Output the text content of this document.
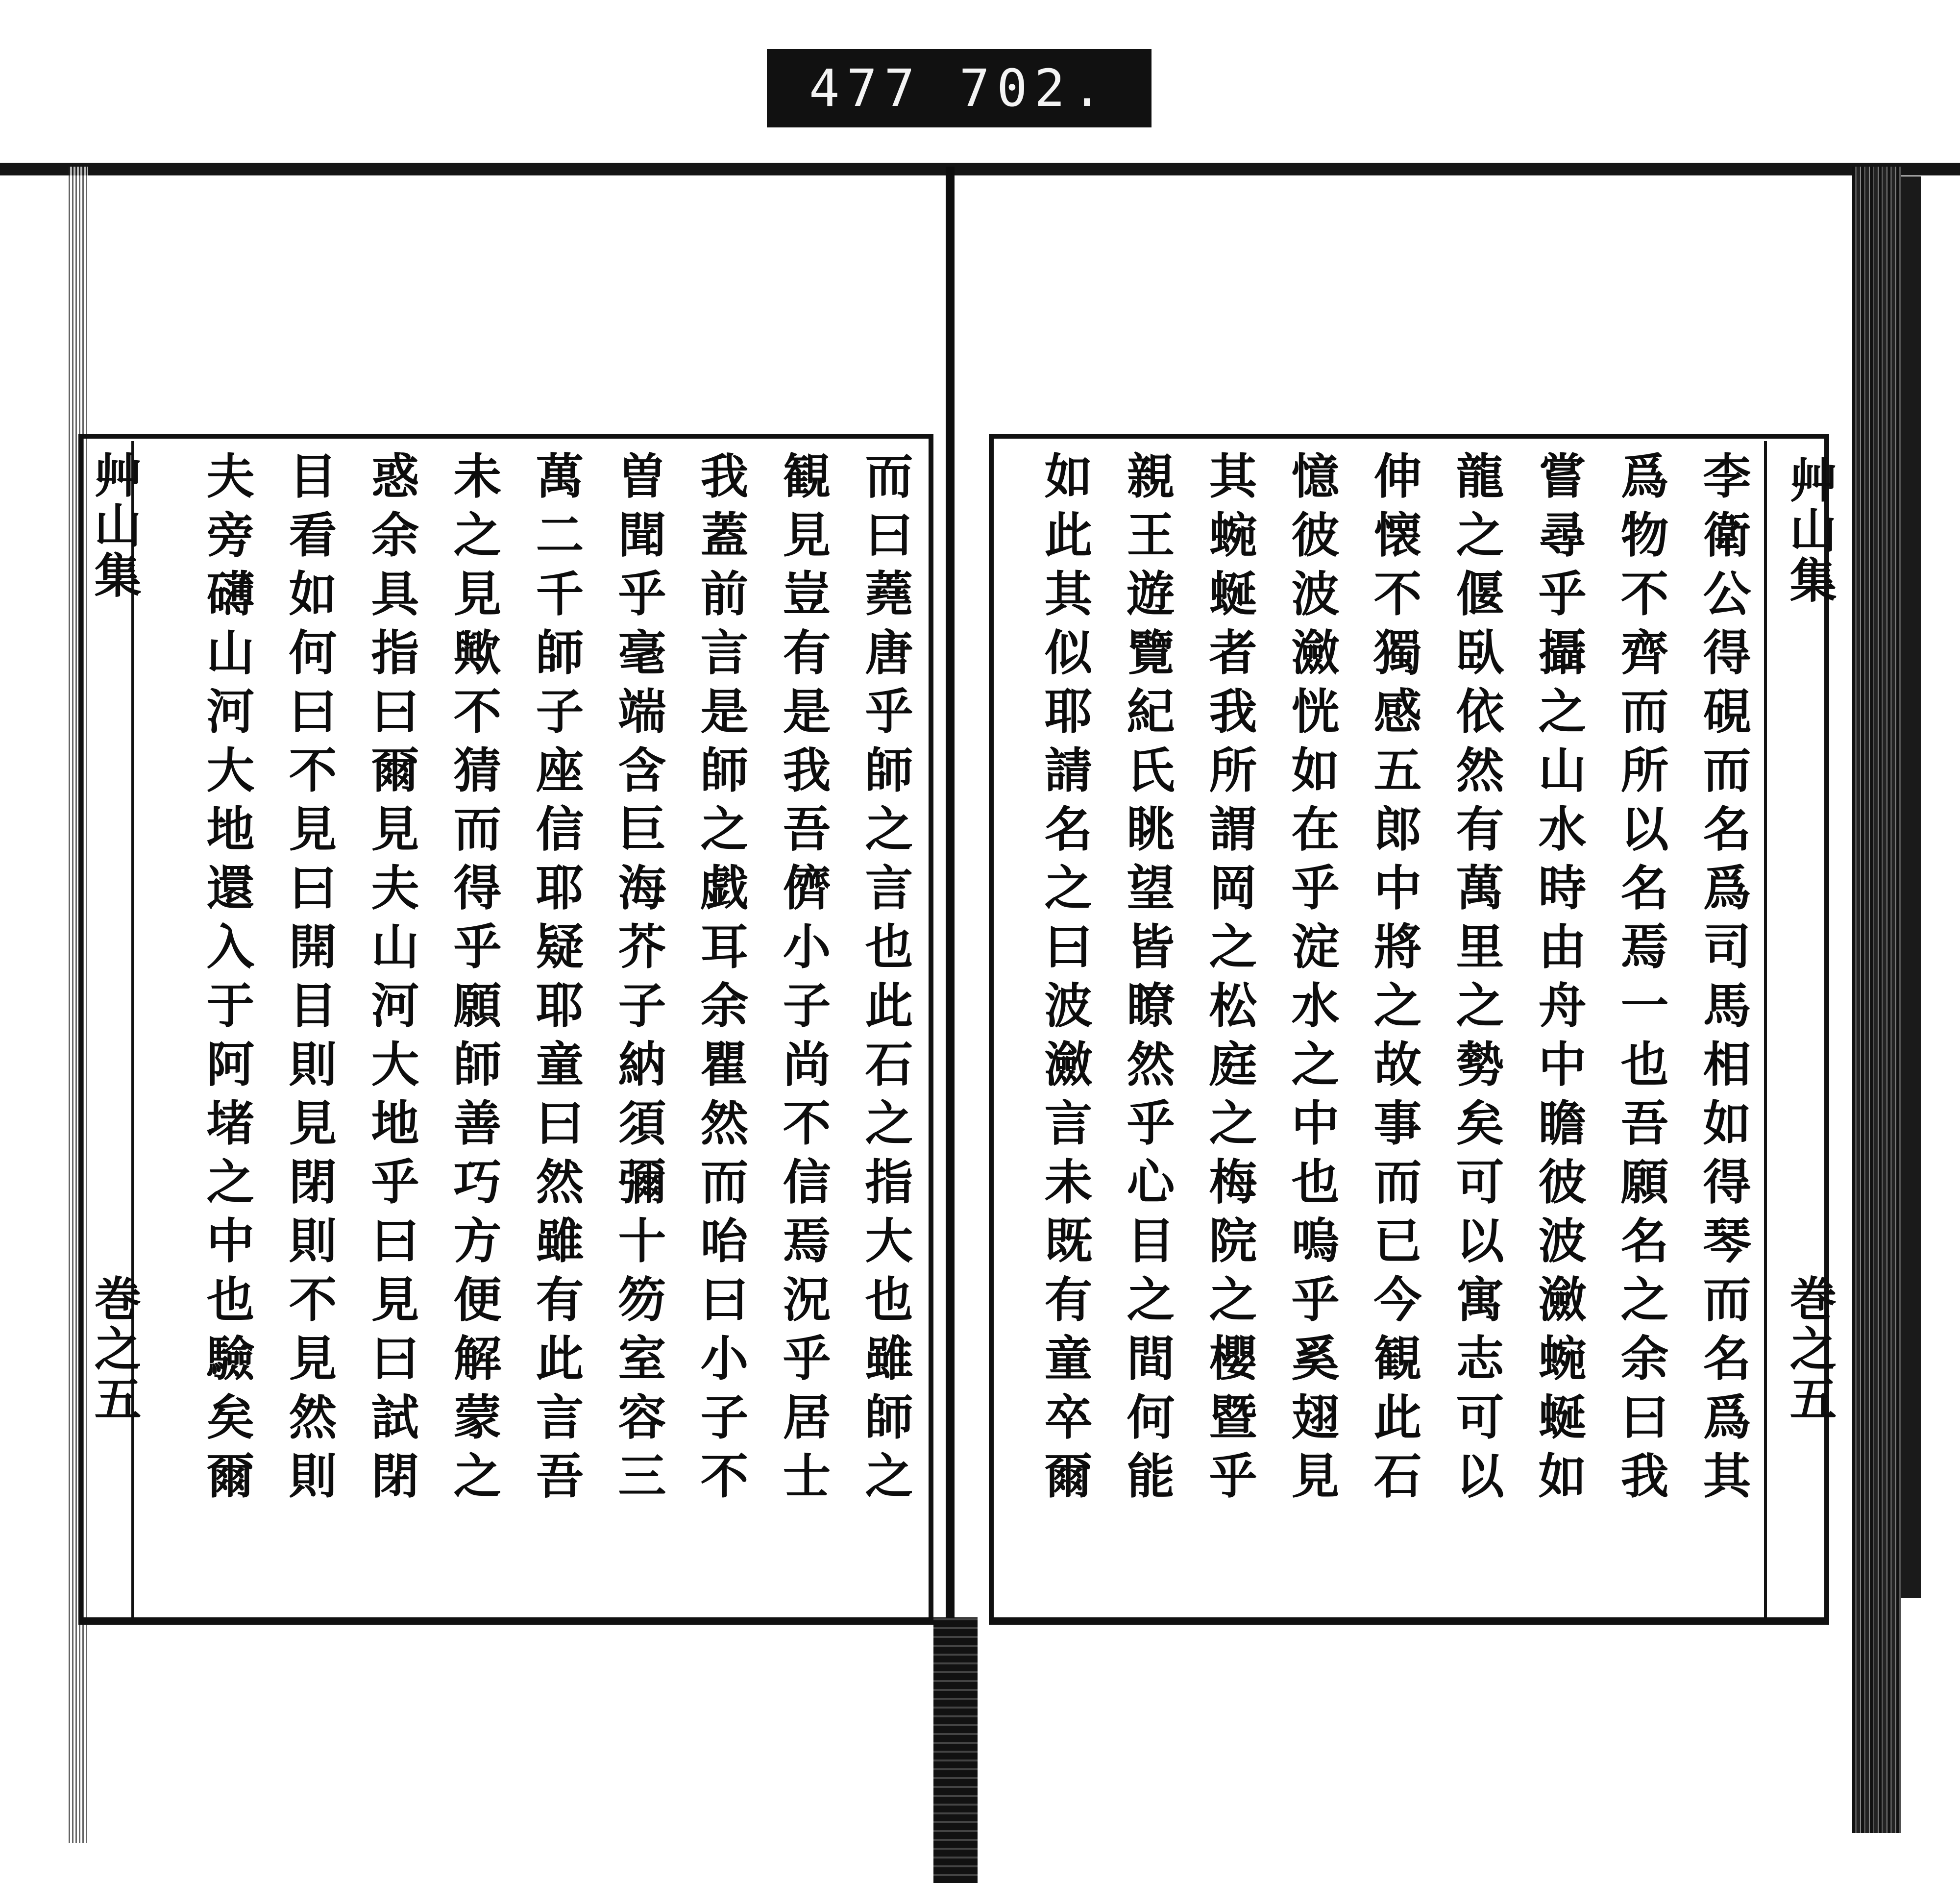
477 702.
艸山集
巻之五
艸山集
巻之五
而曰蕘唐乎師之言也此石之指大也雖師之
観見豈有是我吾儕小子尚不信焉況乎居士
我蓋前言是師之戯耳余瞿然而咍曰小子不
曽聞乎毫端含巨海芥子納須彌十笏室容三
萬二千師子座信耶疑耶童曰然雖有此言吾
未之見歟不猜而得乎願師善巧方便解蒙之
惑余具指曰爾見夫山河大地乎曰見曰試閉
目看如何曰不見曰開目則見閉則不見然則
夫旁礴山河大地還入于阿堵之中也驗矣爾	李衛公得硯而名爲司馬相如得琴而名爲其
爲物不齊而所以名焉一也吾願名之余曰我
嘗尋乎攝之山水時由舟中瞻彼波瀲蜿蜒如
龍之偃臥依然有萬里之勢矣可以寓志可以
伸懐不獨感五郎中將之故事而已今観此石
憶彼波瀲恍如在乎淀水之中也嗚乎奚翅見
其蜿蜒者我所謂岡之松庭之梅院之櫻暨乎
親王遊覽紀氏眺望皆瞭然乎心目之間何能
如此其似耶請名之曰波瀲言未既有童卒爾
